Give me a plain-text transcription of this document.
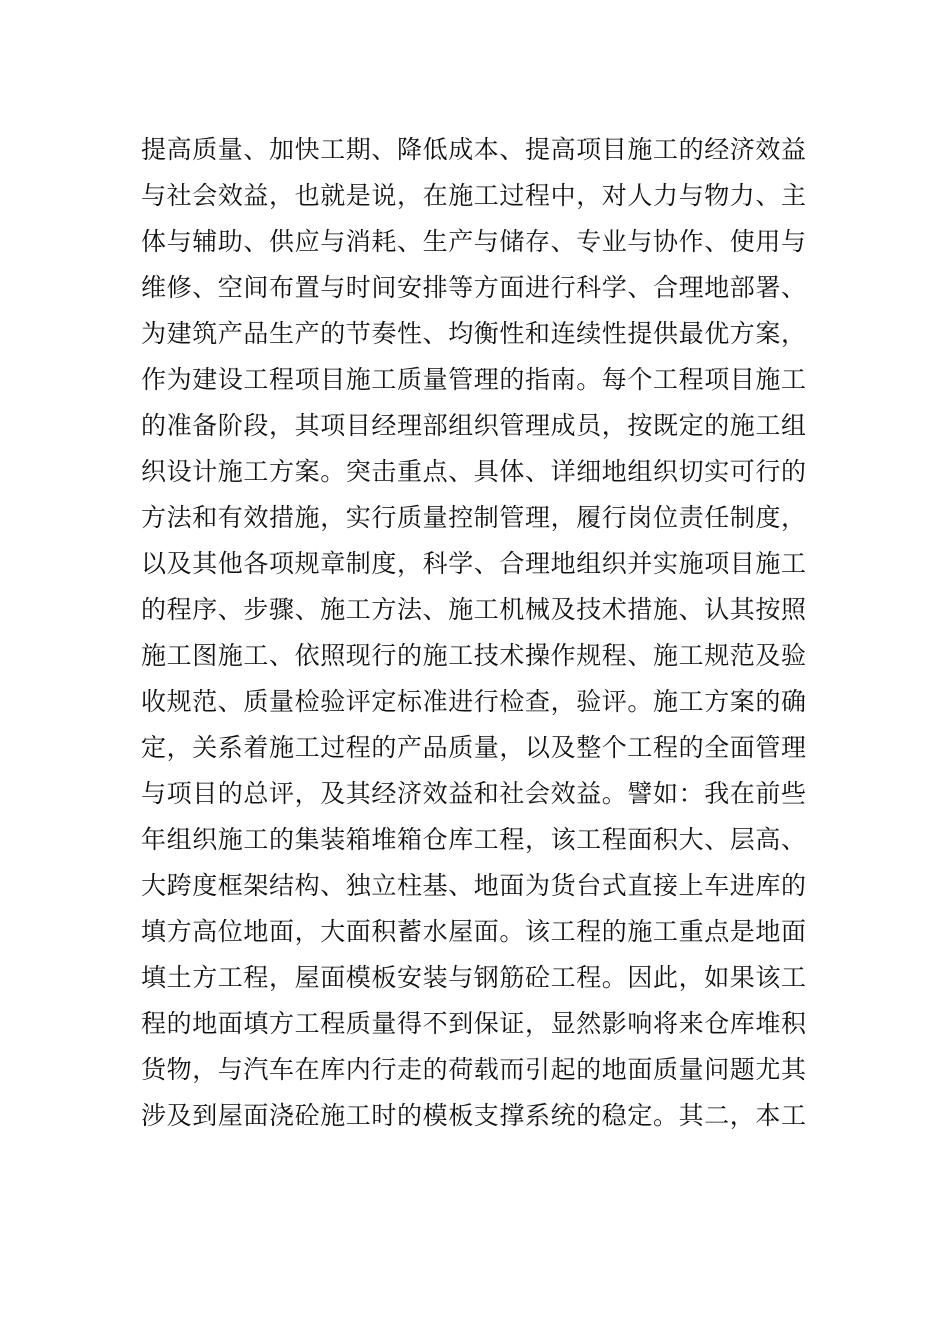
提高质量、加快工期、降低成本、提高项目施工的经济效益
与社会效益，也就是说，在施工过程中，对人力与物力、主
体与辅助、供应与消耗、生产与储存、专业与协作、使用与
维修、空间布置与时间安排等方面进行科学、合理地部署、
为建筑产品生产的节奏性、均衡性和连续性提供最优方案，
作为建设工程项目施工质量管理的指南。每个工程项目施工
的准备阶段，其项目经理部组织管理成员，按既定的施工组
织设计施工方案。突击重点、具体、详细地组织切实可行的
方法和有效措施，实行质量控制管理，履行岗位责任制度，
以及其他各项规章制度，科学、合理地组织并实施项目施工
的程序、步骤、施工方法、施工机械及技术措施、认其按照
施工图施工、依照现行的施工技术操作规程、施工规范及验
收规范、质量检验评定标准进行检查，验评。施工方案的确
定，关系着施工过程的产品质量，以及整个工程的全面管理
与项目的总评，及其经济效益和社会效益。譬如：我在前些
年组织施工的集装箱堆箱仓库工程，该工程面积大、层高、
大跨度框架结构、独立柱基、地面为货台式直接上车进库的
填方高位地面，大面积蓄水屋面。该工程的施工重点是地面
填土方工程，屋面模板安装与钢筋砼工程。因此，如果该工
程的地面填方工程质量得不到保证，显然影响将来仓库堆积
货物，与汽车在库内行走的荷载而引起的地面质量问题尤其
涉及到屋面浇砼施工时的模板支撑系统的稳定。其二，本工
